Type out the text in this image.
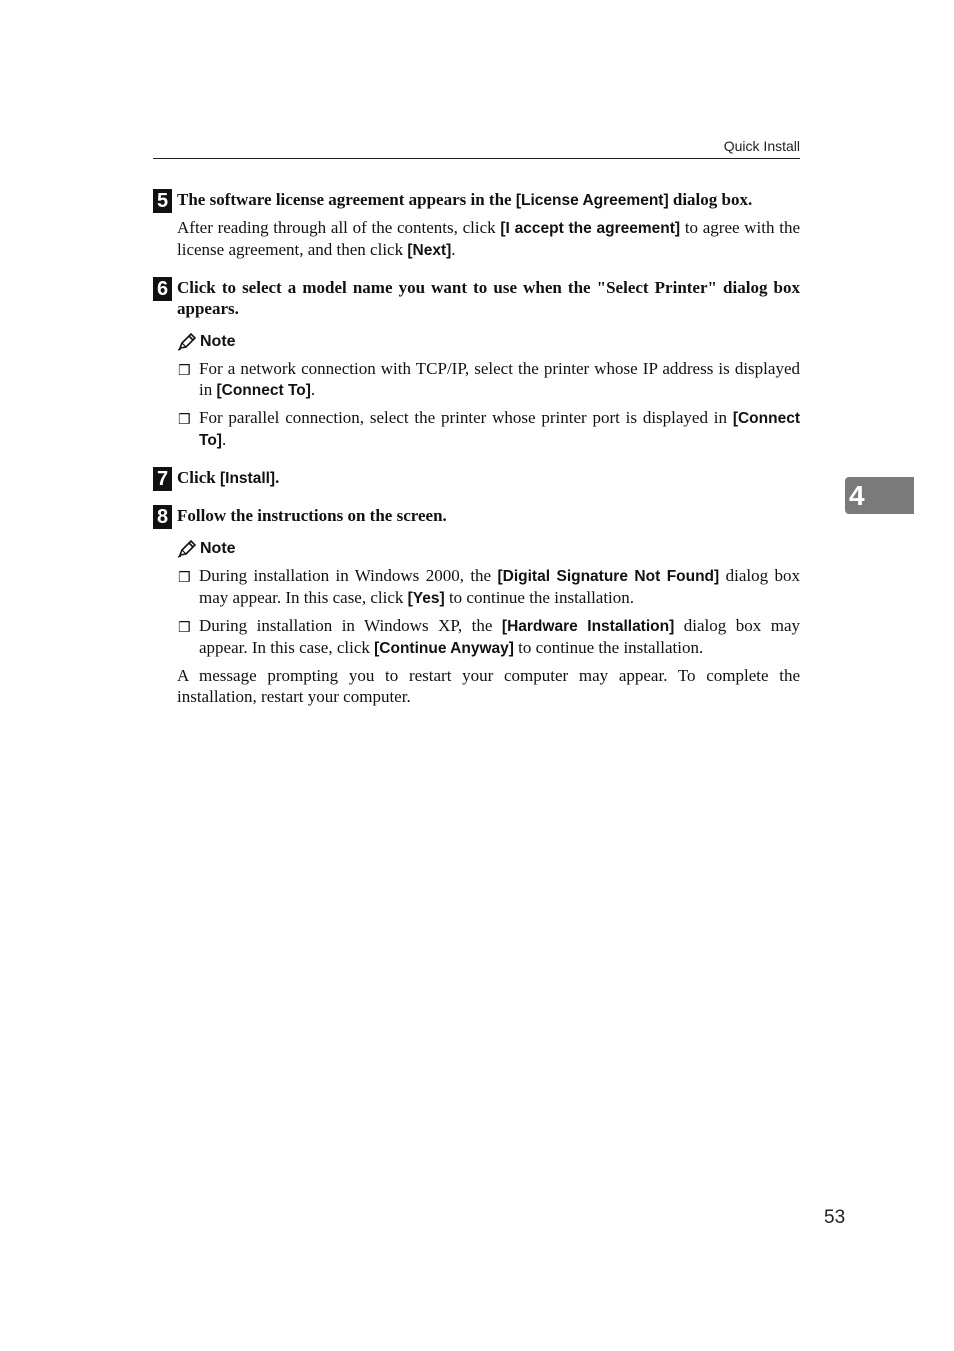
Quick Install
4
53
5 The software license agreement appears in the [License Agreement] dialog box.
After reading through all of the contents, click [I accept the agreement] to agree with the license agreement, and then click [Next].
6 Click to select a model name you want to use when the "Select Printer" dialog box appears.
Note
❒ For a network connection with TCP/IP, select the printer whose IP address is displayed in [Connect To].
❒ For parallel connection, select the printer whose printer port is displayed in [Connect To].
7 Click [Install].
8 Follow the instructions on the screen.
Note
❒ During installation in Windows 2000, the [Digital Signature Not Found] dialog box may appear. In this case, click [Yes] to continue the installation.
❒ During installation in Windows XP, the [Hardware Installation] dialog box may appear. In this case, click [Continue Anyway] to continue the installation.
A message prompting you to restart your computer may appear. To complete the installation, restart your computer.
